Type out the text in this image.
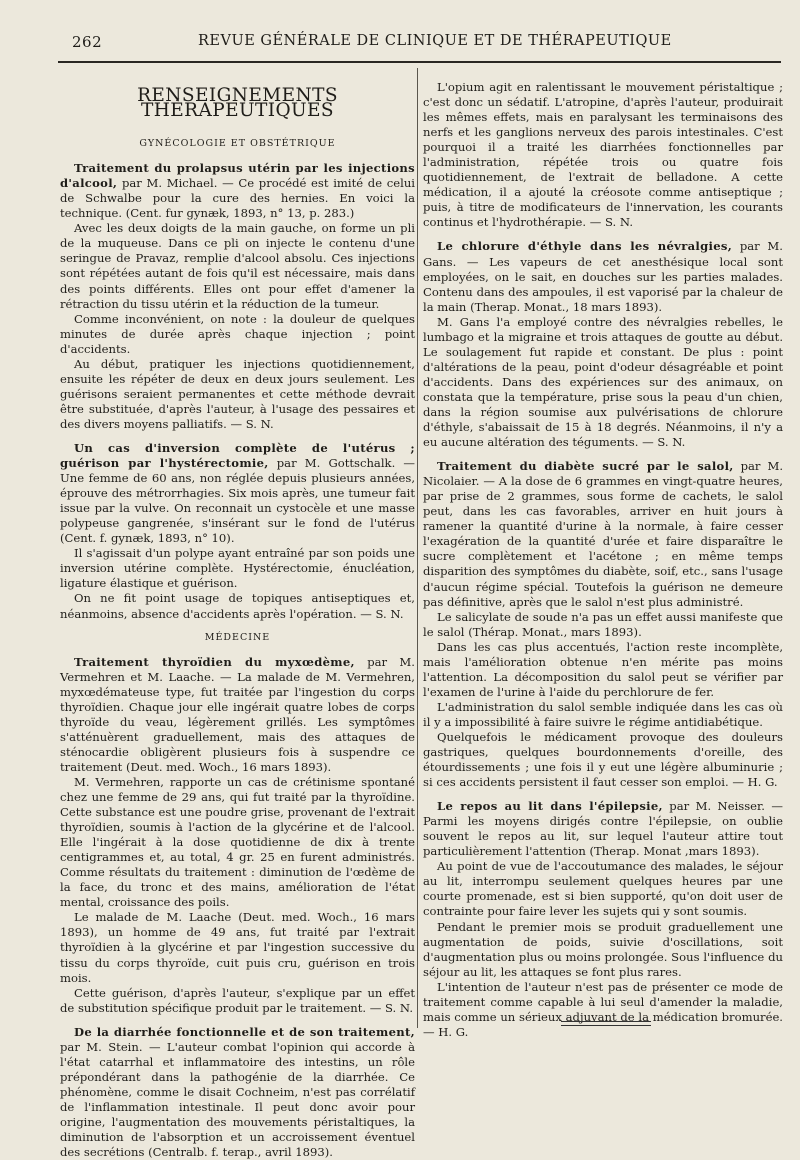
262	REVUE GÉNÉRALE DE CLINIQUE ET DE THÉRAPEUTIQUE
RENSEIGNEMENTS THÉRAPEUTIQUES
GYNÉCOLOGIE ET OBSTÉTRIQUE

Traitement du prolapsus utérin par les injections d'alcool, par M. Michael. — Ce procédé est imité de celui de Schwalbe pour la cure des hernies. En voici la technique. (Cent. fur gynæk, 1893, n° 13, p. 283.)

Avec les deux doigts de la main gauche, on forme un pli de la muqueuse. Dans ce pli on injecte le contenu d'une seringue de Pravaz, remplie d'alcool absolu. Ces injections sont répétées autant de fois qu'il est nécessaire, mais dans des points différents. Elles ont pour effet d'amener la rétraction du tissu utérin et la réduction de la tumeur.

Comme inconvénient, on note : la douleur de quelques minutes de durée après chaque injection ; point d'accidents.

Au début, pratiquer les injections quotidiennement, ensuite les répéter de deux en deux jours seulement. Les guérisons seraient permanentes et cette méthode devrait être substituée, d'après l'auteur, à l'usage des pessaires et des divers moyens palliatifs. — S. N.

Un cas d'inversion complète de l'utérus ; guérison par l'hystérectomie, par M. Gottschalk. — Une femme de 60 ans, non réglée depuis plusieurs années, éprouve des métrorrhagies. Six mois après, une tumeur fait issue par la vulve. On reconnait un cystocèle et une masse polypeuse gangrenée, s'insérant sur le fond de l'utérus (Cent. f. gynæk, 1893, n° 10).

Il s'agissait d'un polype ayant entraîné par son poids une inversion utérine complète. Hystérectomie, énucléation, ligature élastique et guérison.

On ne fit point usage de topiques antiseptiques et, néanmoins, absence d'accidents après l'opération. — S. N.

MÉDECINE

Traitement thyroïdien du myxœdème, par M. Vermehren et M. Laache. — La malade de M. Vermehren, myxœdémateuse type, fut traitée par l'ingestion du corps thyroïdien. Chaque jour elle ingérait quatre lobes de corps thyroïde du veau, légèrement grillés. Les symptômes s'atténuèrent graduellement, mais des attaques de sténocardie obligèrent plusieurs fois à suspendre ce traitement (Deut. med. Woch., 16 mars 1893).

M. Vermehren, rapporte un cas de crétinisme spontané chez une femme de 29 ans, qui fut traité par la thyroïdine. Cette substance est une poudre grise, provenant de l'extrait thyroïdien, soumis à l'action de la glycérine et de l'alcool. Elle l'ingérait à la dose quotidienne de dix à trente centigrammes et, au total, 4 gr. 25 en furent administrés. Comme résultats du traitement : diminution de l'œdème de la face, du tronc et des mains, amélioration de l'état mental, croissance des poils.

Le malade de M. Laache (Deut. med. Woch., 16 mars 1893), un homme de 49 ans, fut traité par l'extrait thyroïdien à la glycérine et par l'ingestion successive du tissu du corps thyroïde, cuit puis cru, guérison en trois mois.

Cette guérison, d'après l'auteur, s'explique par un effet de substitution spécifique produit par le traitement. — S. N.

De la diarrhée fonctionnelle et de son traitement, par M. Stein. — L'auteur combat l'opinion qui accorde à l'état catarrhal et inflammatoire des intestins, un rôle prépondérant dans la pathogénie de la diarrhée. Ce phénomène, comme le disait Cochneim, n'est pas corrélatif de l'inflammation intestinale. Il peut donc avoir pour origine, l'augmentation des mouvements péristaltiques, la diminution de l'absorption et un accroissement éventuel des secrétions (Centralb. f. terap., avril 1893).

L'opium agit en ralentissant le mouvement péristaltique ; c'est donc un sédatif. L'atropine, d'après l'auteur, produirait les mêmes effets, mais en paralysant les terminaisons des nerfs et les ganglions nerveux des parois intestinales. C'est pourquoi il a traité les diarrhées fonctionnelles par l'administration, répétée trois ou quatre fois quotidiennement, de l'extrait de belladone. A cette médication, il a ajouté la créosote comme antiseptique ; puis, à titre de modificateurs de l'innervation, les courants continus et l'hydrothérapie. — S. N.

Le chlorure d'éthyle dans les névralgies, par M. Gans. — Les vapeurs de cet anesthésique local sont employées, on le sait, en douches sur les parties malades. Contenu dans des ampoules, il est vaporisé par la chaleur de la main (Therap. Monat., 18 mars 1893).

M. Gans l'a employé contre des névralgies rebelles, le lumbago et la migraine et trois attaques de goutte au début. Le soulagement fut rapide et constant. De plus : point d'altérations de la peau, point d'odeur désagréable et point d'accidents. Dans des expériences sur des animaux, on constata que la température, prise sous la peau d'un chien, dans la région soumise aux pulvérisations de chlorure d'éthyle, s'abaissait de 15 à 18 degrés. Néanmoins, il n'y a eu aucune altération des téguments. — S. N.

Traitement du diabète sucré par le salol, par M. Nicolaier. — A la dose de 6 grammes en vingt-quatre heures, par prise de 2 grammes, sous forme de cachets, le salol peut, dans les cas favorables, arriver en huit jours à ramener la quantité d'urine à la normale, à faire cesser l'exagération de la quantité d'urée et faire disparaître le sucre complètement et l'acétone ; en même temps disparition des symptômes du diabète, soif, etc., sans l'usage d'aucun régime spécial. Toutefois la guérison ne demeure pas définitive, après que le salol n'est plus administré.

Le salicylate de soude n'a pas un effet aussi manifeste que le salol (Thérap. Monat., mars 1893).

Dans les cas plus accentués, l'action reste incomplète, mais l'amélioration obtenue n'en mérite pas moins l'attention. La décomposition du salol peut se vérifier par l'examen de l'urine à l'aide du perchlorure de fer.

L'administration du salol semble indiquée dans les cas où il y a impossibilité à faire suivre le régime antidiabétique.

Quelquefois le médicament provoque des douleurs gastriques, quelques bourdonnements d'oreille, des étourdissements ; une fois il y eut une légère albuminurie ; si ces accidents persistent il faut cesser son emploi. — H. G.

Le repos au lit dans l'épilepsie, par M. Neisser. — Parmi les moyens dirigés contre l'épilepsie, on oublie souvent le repos au lit, sur lequel l'auteur attire tout particulièrement l'attention (Therap. Monat ,mars 1893).

Au point de vue de l'accoutumance des malades, le séjour au lit, interrompu seulement quelques heures par une courte promenade, est si bien supporté, qu'on doit user de contrainte pour faire lever les sujets qui y sont soumis.

Pendant le premier mois se produit graduellement une augmentation de poids, suivie d'oscillations, soit d'augmentation plus ou moins prolongée. Sous l'influence du séjour au lit, les attaques se font plus rares.

L'intention de l'auteur n'est pas de présenter ce mode de traitement comme capable à lui seul d'amender la maladie, mais comme un sérieux adjuvant de la médication bromurée. — H. G.
